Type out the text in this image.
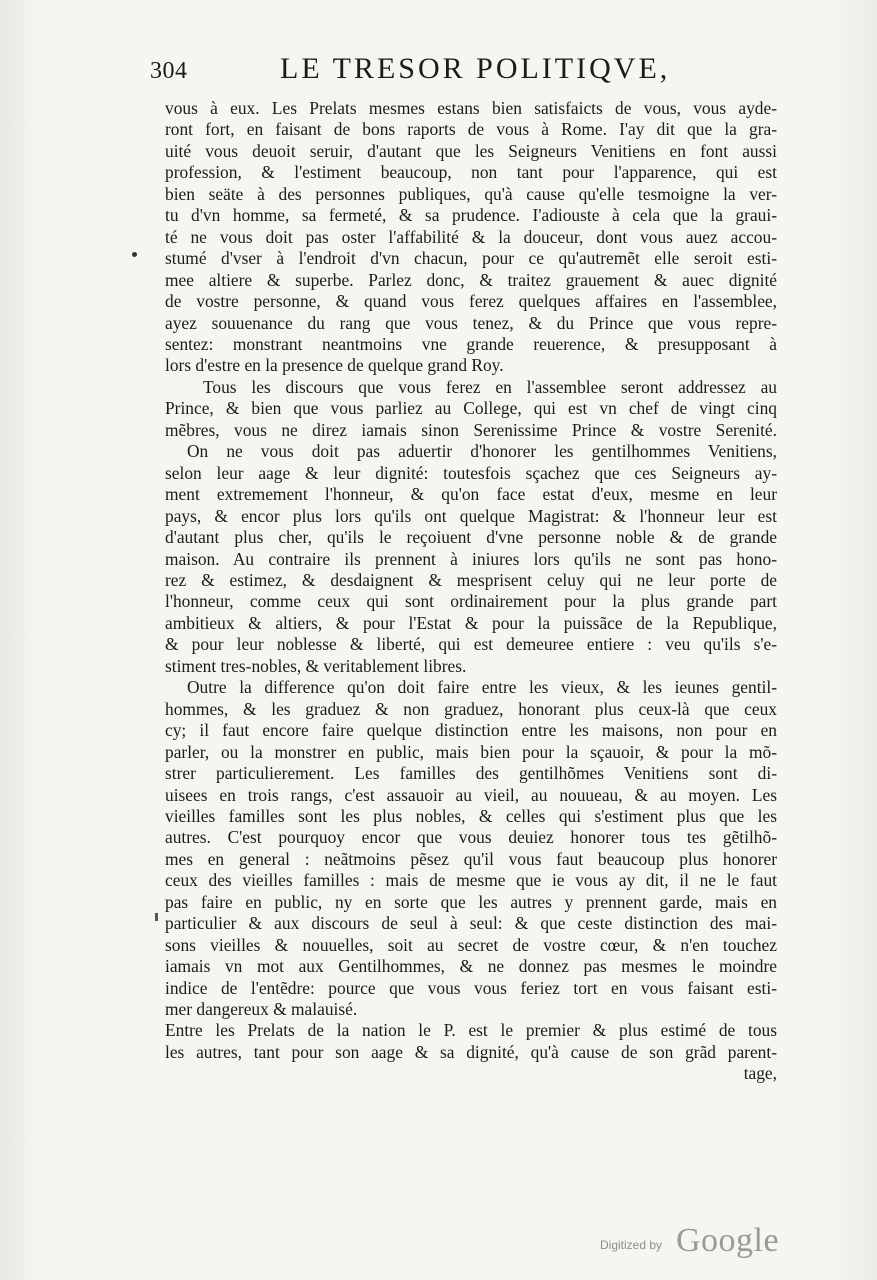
304	LE TRESOR POLITIQVE,
vous à eux. Les Prelats mesmes estans bien satisfaicts de vous, vous ayde-
ront fort, en faisant de bons raports de vous à Rome. I'ay dit que la gra-
uité vous deuoit seruir, d'autant que les Seigneurs Venitiens en font aussi
profession, & l'estiment beaucoup, non tant pour l'apparence, qui est
bien seäte à des personnes publiques, qu'à cause qu'elle tesmoigne la ver-
tu d'vn homme, sa fermeté, & sa prudence. I'adiouste à cela que la graui-
té ne vous doit pas oster l'affabilité & la douceur, dont vous auez accou-
stumé d'vser à l'endroit d'vn chacun, pour ce qu'autremẽt elle seroit esti-
mee altiere & superbe. Parlez donc, & traitez grauement & auec dignité
de vostre personne, & quand vous ferez quelques affaires en l'assemblee,
ayez souuenance du rang que vous tenez, & du Prince que vous repre-
sentez: monstrant neantmoins vne grande reuerence, & presupposant à
lors d'estre en la presence de quelque grand Roy.
Tous les discours que vous ferez en l'assemblee seront addressez au
Prince, & bien que vous parliez au College, qui est vn chef de vingt cinq
mẽbres, vous ne direz iamais sinon Serenissime Prince & vostre Serenité.
On ne vous doit pas aduertir d'honorer les gentilhommes Venitiens,
selon leur aage & leur dignité: toutesfois sçachez que ces Seigneurs ay-
ment extremement l'honneur, & qu'on face estat d'eux, mesme en leur
pays, & encor plus lors qu'ils ont quelque Magistrat: & l'honneur leur est
d'autant plus cher, qu'ils le reçoiuent d'vne personne noble & de grande
maison. Au contraire ils prennent à iniures lors qu'ils ne sont pas hono-
rez & estimez, & desdaignent & mesprisent celuy qui ne leur porte de
l'honneur, comme ceux qui sont ordinairement pour la plus grande part
ambitieux & altiers, & pour l'Estat & pour la puissãce de la Republique,
& pour leur noblesse & liberté, qui est demeuree entiere : veu qu'ils s'e-
stiment tres-nobles, & veritablement libres.
Outre la difference qu'on doit faire entre les vieux, & les ieunes gentil-
hommes, & les graduez & non graduez, honorant plus ceux-là que ceux
cy; il faut encore faire quelque distinction entre les maisons, non pour en
parler, ou la monstrer en public, mais bien pour la sçauoir, & pour la mõ-
strer particulierement. Les familles des gentilhõmes Venitiens sont di-
uisees en trois rangs, c'est assauoir au vieil, au nouueau, & au moyen. Les
vieilles familles sont les plus nobles, & celles qui s'estiment plus que les
autres. C'est pourquoy encor que vous deuiez honorer tous tes gẽtilhõ-
mes en general : neãtmoins pẽsez qu'il vous faut beaucoup plus honorer
ceux des vieilles familles : mais de mesme que ie vous ay dit, il ne le faut
pas faire en public, ny en sorte que les autres y prennent garde, mais en
particulier & aux discours de seul à seul: & que ceste distinction des mai-
sons vieilles & nouuelles, soit au secret de vostre cœur, & n'en touchez
iamais vn mot aux Gentilhommes, & ne donnez pas mesmes le moindre
indice de l'entẽdre: pource que vous vous feriez tort en vous faisant esti-
mer dangereux & malauisé.
Entre les Prelats de la nation le P. est le premier & plus estimé de tous
les autres, tant pour son aage & sa dignité, qu'à cause de son grãd parent-
tage,
Digitized by Google
